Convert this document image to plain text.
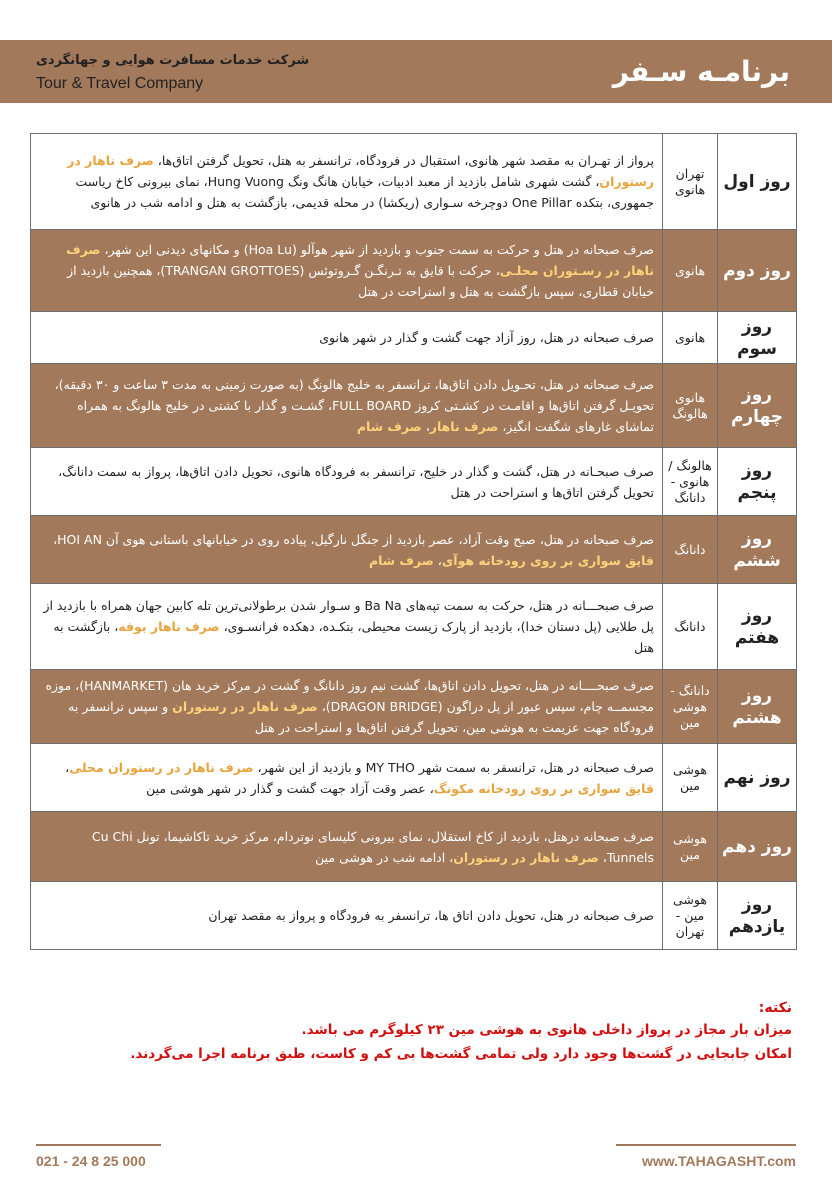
شرکت خدمات مسافرت هوایی و جهانگردی
Tour & Travel Company	برنامـه سـفر
روز اول	تهران هانوی	پرواز از تهـران به مقصد شهر هانوی، استقبال در فرودگاه، ترانسفر به هتل، تحویل گرفتن اتاق‌ها، صرف ناهار در رستوران، گشت شهری شامل بازدید از معبد ادبیات، خیابان هانگ ونگ Hung Vuong، نمای بیرونی کاخ ریاست جمهوری، بتکده One Pillar دوچرخه سـواری (ریکشا) در محله قدیمی، بازگشت به هتل و ادامه شب در هانوی
روز دوم	هانوی	صرف صبحانه در هتل و حرکت به سمت جنوب و بازدید از شهر هوآلو (Hoa Lu) و مکانهای دیدنی این شهر، صرف ناهار در رسـتوران محلـی، حرکت با قایق به تـرنگـن گـروتوئس (TRANGAN GROTTOES)، همچنین بازدید از خیابان قطاری، سپس بازگشت به هتل و استراحت در هتل
روز سوم	هانوی	صرف صبحانه در هتل، روز آزاد جهت گشت و گذار در شهر هانوی
روز چهارم	هانوی هالونگ	صرف صبحانه در هتل، تحـویل دادن اتاق‌ها، ترانسفر به خلیج هالونگ (به صورت زمینی به مدت ۳ ساعت و ۳۰ دقیقه)، تحویـل گرفتن اتاق‌ها و اقامـت در کشـتی کروز FULL BOARD، گشـت و گذار با کشتی در خلیج هالونگ به همراه تماشای غارهای شگفت انگیز، صرف ناهار، صرف شام
روز پنجم	هالونگ / هانوی - دانانگ	صرف صبحـانه در هتل، گشت و گذار در خلیج، ترانسفر به فرودگاه هانوی، تحویل دادن اتاق‌ها، پرواز به سمت دانانگ، تحویل گرفتن اتاق‌ها و استراحت در هتل
روز ششم	دانانگ	صرف صبحانه در هتل، صبح وقت آزاد، عصر بازدید از جنگل نارگیل، پیاده روی در خیابانهای باستانی هوی آن HOI AN، قایق سواری بر روی رودخانه هوآی، صرف شام
روز هفتم	دانانگ	صرف صبحـــانه در هتل، حرکت به سمت تپه‌های Ba Na و سـوار شدن برطولانی‌ترین تله کابین جهان همراه با بازدید از پل طلایی (پل دستان خدا)، بازدید از پارک زیست محیطی، بتکـده، دهکده فرانسـوی، صرف ناهار بوفه، بازگشت به هتل
روز هشتم	دانانگ - هوشی مین	صرف صبحــــانه در هتل، تحویل دادن اتاق‌ها، گشت نیم روز دانانگ و گشت در مرکز خرید هان (HANMARKET)، موزه مجسمــه چام، سپس عبور از پل دراگون (DRAGON BRIDGE)، صرف ناهار در رستوران و سپس ترانسفر به فرودگاه جهت عزیمت به هوشی مین، تحویل گرفتن اتاق‌ها و استراحت در هتل
روز نهم	هوشی مین	صرف صبحانه در هتل، ترانسفر به سمت شهر MY THO و بازدید از این شهر، صرف ناهار در رستوران محلی، قایق سواری بر روی رودخانه مکونگ، عصر وقت آزاد جهت گشت و گذار در شهر هوشی مین
روز دهم	هوشی مین	صرف صبحانه درهتل، بازدید از کاخ استقلال، نمای بیرونی کلیسای نوتردام، مرکز خرید تاکاشیما، تونل Cu Chi Tunnels، صرف ناهار در رستوران، ادامه شب در هوشی مین
روز یازدهم	هوشی مین - تهران	صرف صبحانه در هتل، تحویل دادن اتاق ها، ترانسفر به فرودگاه و پرواز به مقصد تهران
نکته:
میزان بار مجاز در پرواز داخلی هانوی به هوشی مین ۲۳ کیلوگرم می باشد.
امکان جابجایی در گشت‌ها وجود دارد ولی تمامی گشت‌ها بی کم و کاست، طبق برنامه اجرا می‌گردند.
021 - 24 8 25 000	www.TAHAGASHT.com
